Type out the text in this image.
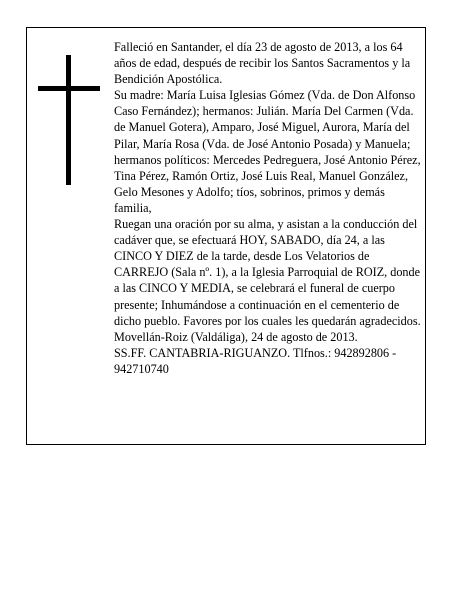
Falleció en Santander, el día 23 de agosto de 2013, a los 64 años de edad, después de recibir los Santos Sacramentos y la Bendición Apostólica.

Su madre: María Luisa Iglesias Gómez (Vda. de Don Alfonso Caso Fernández); hermanos: Julián. María Del Carmen (Vda. de Manuel Gotera), Amparo, José Miguel, Aurora, María del Pilar, María Rosa (Vda. de José Antonio Posada) y Manuela; hermanos políticos: Mercedes Pedreguera, José Antonio Pérez, Tina Pérez, Ramón Ortiz, José Luis Real, Manuel González, Gelo Mesones y Adolfo; tíos, sobrinos, primos y demás familia,

Ruegan una oración por su alma, y asistan a la conducción del cadáver que, se efectuará HOY, SABADO, día 24, a las CINCO Y DIEZ de la tarde, desde Los Velatorios de CARREJO (Sala nº. 1), a la Iglesia Parroquial de ROIZ, donde a las CINCO Y MEDIA, se celebrará el funeral de cuerpo presente; Inhumándose a continuación en el cementerio de dicho pueblo. Favores por los cuales les quedarán agradecidos.

Movellán-Roiz (Valdáliga), 24 de agosto de 2013.

SS.FF. CANTABRIA-RIGUANZO. Tlfnos.: 942892806 - 942710740
